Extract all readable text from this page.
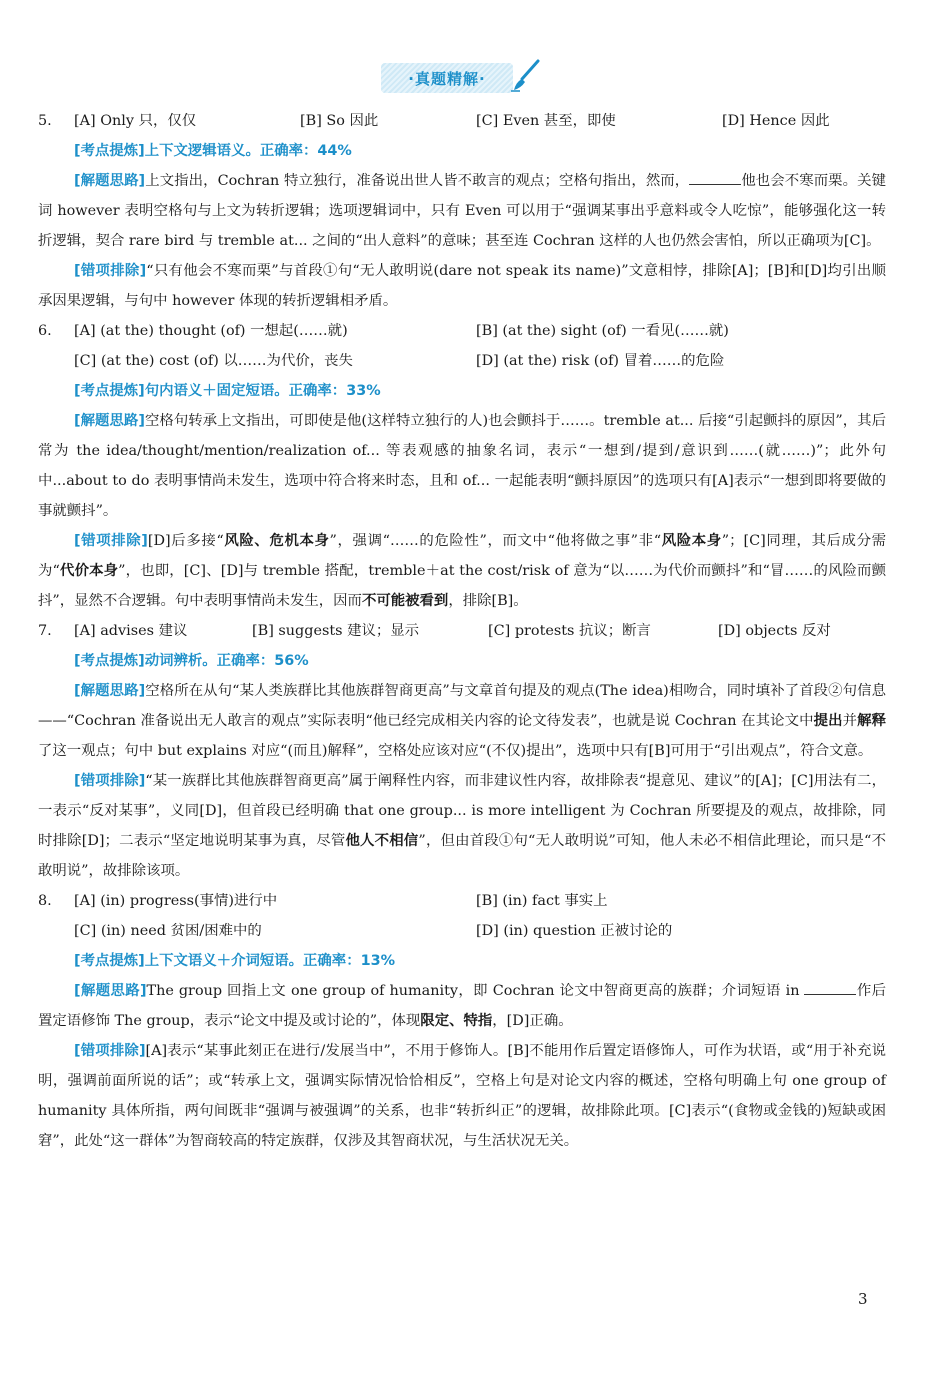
·真题精解·
5.	[A] Only 只，仅仅	[B] So 因此	[C] Even 甚至，即使	[D] Hence 因此

[考点提炼]上下文逻辑语义。正确率：44%

[解题思路]上文指出，Cochran 特立独行，准备说出世人皆不敢言的观点；空格句指出，然而，	他也会不寒而栗。关键词 however 表明空格句与上文为转折逻辑；选项逻辑词中，只有 Even 可以用于“强调某事出乎意料或令人吃惊”，能够强化这一转折逻辑，契合 rare bird 与 tremble at... 之间的“出人意料”的意味；甚至连 Cochran 这样的人也仍然会害怕，所以正确项为[C]。

[错项排除]“只有他会不寒而栗”与首段①句“无人敢明说(dare not speak its name)”文意相悖，排除[A]；[B]和[D]均引出顺承因果逻辑，与句中 however 体现的转折逻辑相矛盾。

6.	[A] (at the) thought (of) 一想起(……就)	[B] (at the) sight (of) 一看见(……就)
[C] (at the) cost (of) 以……为代价，丧失	[D] (at the) risk (of) 冒着……的危险

[考点提炼]句内语义＋固定短语。正确率：33%

[解题思路]空格句转承上文指出，可即使是他(这样特立独行的人)也会颤抖于……。tremble at... 后接“引起颤抖的原因”，其后常为 the idea/thought/mention/realization of... 等表观感的抽象名词，表示“一想到/提到/意识到……(就……)”；此外句中...about to do 表明事情尚未发生，选项中符合将来时态，且和 of... 一起能表明“颤抖原因”的选项只有[A]表示“一想到即将要做的事就颤抖”。

[错项排除][D]后多接“风险、危机本身”，强调“……的危险性”，而文中“他将做之事”非“风险本身”；[C]同理，其后成分需为“代价本身”，也即，[C]、[D]与 tremble 搭配，tremble＋at the cost/risk of 意为“以……为代价而颤抖”和“冒……的风险而颤抖”，显然不合逻辑。句中表明事情尚未发生，因而不可能被看到，排除[B]。

7.	[A] advises 建议	[B] suggests 建议；显示	[C] protests 抗议；断言	[D] objects 反对

[考点提炼]动词辨析。正确率：56%

[解题思路]空格所在从句“某人类族群比其他族群智商更高”与文章首句提及的观点(The idea)相吻合，同时填补了首段②句信息——“Cochran 准备说出无人敢言的观点”实际表明“他已经完成相关内容的论文待发表”，也就是说 Cochran 在其论文中提出并解释了这一观点；句中 but explains 对应“(而且)解释”，空格处应该对应“(不仅)提出”，选项中只有[B]可用于“引出观点”，符合文意。

[错项排除]“某一族群比其他族群智商更高”属于阐释性内容，而非建议性内容，故排除表“提意见、建议”的[A]；[C]用法有二，一表示“反对某事”，义同[D]，但首段已经明确 that one group... is more intelligent 为 Cochran 所要提及的观点，故排除，同时排除[D]；二表示“坚定地说明某事为真，尽管他人不相信”，但由首段①句“无人敢明说”可知，他人未必不相信此理论，而只是“不敢明说”，故排除该项。

8.	[A] (in) progress(事情)进行中	[B] (in) fact 事实上
[C] (in) need 贫困/困难中的	[D] (in) question 正被讨论的

[考点提炼]上下文语义＋介词短语。正确率：13%

[解题思路]The group 回指上文 one group of humanity，即 Cochran 论文中智商更高的族群；介词短语 in	作后置定语修饰 The group，表示“论文中提及或讨论的”，体现限定、特指，[D]正确。

[错项排除][A]表示“某事此刻正在进行/发展当中”，不用于修饰人。[B]不能用作后置定语修饰人，可作为状语，或“用于补充说明，强调前面所说的话”；或“转承上文，强调实际情况恰恰相反”，空格上句是对论文内容的概述，空格句明确上句 one group of humanity 具体所指，两句间既非“强调与被强调”的关系，也非“转折纠正”的逻辑，故排除此项。[C]表示“(食物或金钱的)短缺或困窘”，此处“这一群体”为智商较高的特定族群，仅涉及其智商状况，与生活状况无关。

3
